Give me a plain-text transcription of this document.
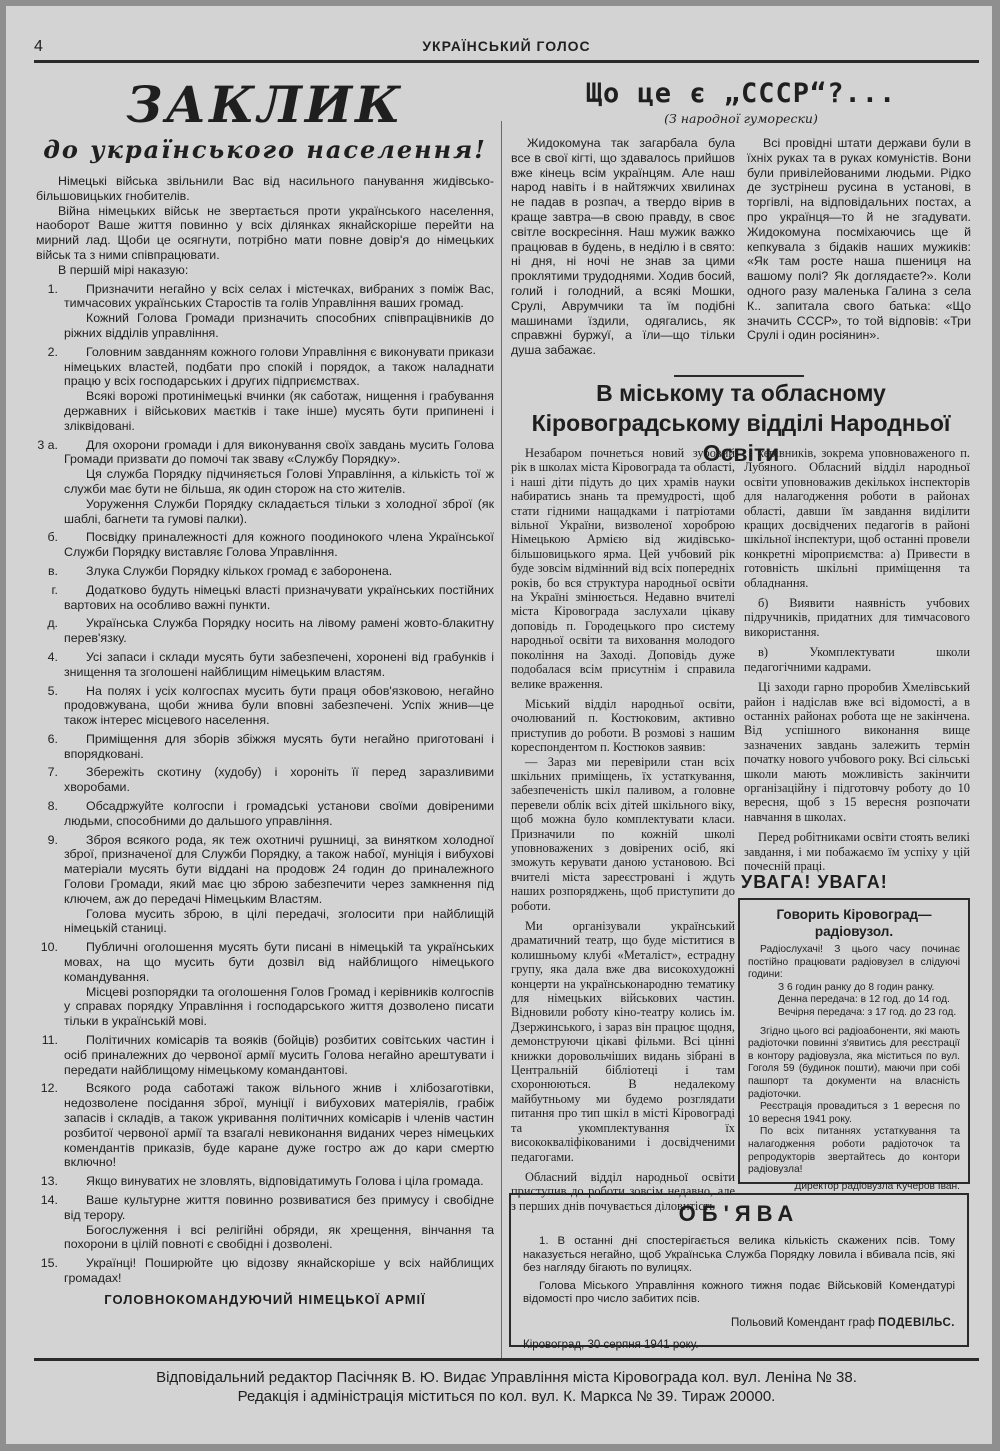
4	УКРАЇНСЬКИЙ ГОЛОС
ЗАКЛИК
до українського населення!

Німецькі війська звільнили Вас від насильного панування жидівсько-більшовицьких гнобителів.

Війна німецьких військ не звертається проти українського населення, наоборот Ваше життя повинно у всіх ділянках якнайскоріше перейти на мирний лад. Щоби це осягнути, потрібно мати повне довір'я до німецьких військ та з ними співпрацювати.

В першій мірі наказую:

1.	Призначити негайно у всіх селах і містечках, вибраних з поміж Вас, тимчасових українських Старостів та голів Управління ваших громад.

Кожний Голова Громади призначить способних співпрацівників до ріжних відділів управління.

2.	Головним завданням кожного голови Управління є виконувати прикази німецьких властей, подбати про спокій і порядок, а також наладнати працю у всіх господарських і других підприємствах.

Всякі ворожі протинімецькі вчинки (як саботаж, нищення і грабування державних і військових маєтків і таке інше) мусять бути припинені і зліквідовані.

3 а.	Для охорони громади і для виконування своїх завдань мусить Голова Громади призвати до помочі так зваву «Службу Порядку».

Ця служба Порядку підчиняється Голові Управління, а кількість тої ж служби має бути не більша, як один сторож на сто жителів.

Уоруження Служби Порядку складається тільки з холодної зброї (як шаблі, багнети та гумові палки).

б.	Посвідку приналежності для кожного поодинокого члена Української Служби Порядку виставляє Голова Управління.

в.	Злука Служби Порядку кількох громад є заборонена.

г.	Додатково будуть німецькі власті призначувати українських постійних вартових на особливо важні пункти.

д.	Українська Служба Порядку носить на лівому рамені жовто-блакитну перев'язку.

4.	Усі запаси і склади мусять бути забезпечені, хоронені від грабунків і знищення та зголошені найблищим німецьким властям.

5.	На полях і усіх колгоспах мусить бути праця обов'язковою, негайно продовжувана, щоби жнива були вповні забезпечені. Успіх жнив—це також інтерес місцевого населення.

6.	Приміщення для зборів збіжжя мусять бути негайно приготовані і впорядковані.

7.	Збережіть скотину (худобу) і хороніть її перед заразливими хворобами.

8.	Обсадржуйте колгоспи і громадські установи своїми довіреними людьми, способними до дальшого управління.

9.	Зброя всякого рода, як теж охотничі рушниці, за винятком холодної зброї, призначеної для Служби Порядку, а також набої, муніція і вибухові матеріали мусять бути віддані на продовж 24 годин до приналежного Голови Громади, який має цю зброю забезпечити через замкнення під ключем, аж до передачі Німецьким Властям.

Голова мусить зброю, в цілі передачі, зголосити при найблищій німецькій станиці.

10.	Публичні оголошення мусять бути писані в німецькій та українських мовах, на що мусить бути дозвіл від найблищого німецького командування.

Місцеві розпорядки та оголошення Голов Громад і керівників колгоспів у справах порядку Управління і господарського життя дозволено писати тільки в українській мові.

11.	Політичних комісарів та вояків (бойців) розбитих совітських частин і осіб приналежних до червоної армії мусить Голова негайно арештувати і передати найблищому німецькому командантові.

12.	Всякого рода саботажі також вільного жнив і хлібозаготівки, недозволене посідання зброї, муніції і вибухових матеріялів, грабіж запасів і складів, а також укривання політичних комісарів і членів частин розбитої червоної армії та взагалі невиконання виданих через німецьких комендантів приказів, буде каране дуже гостро аж до кари смертю включно!

13.	Якщо винуватих не зловлять, відповідатимуть Голова і ціла громада.

14.	Ваше культурне життя повинно розвиватися без примусу і свобідне від терору.

Богослуження і всі релігійні обряди, як хрещення, вінчання та похорони в цілій повноті є свобідні і дозволені.

15.	Українці! Поширюйте цю відозву якнайскоріше у всіх найблищих громадах!

ГОЛОВНОКОМАНДУЮЧИЙ НІМЕЦЬКОЇ АРМІЇ
Що це є „СССР“?...
(З народної гуморески)

Жидокомуна так загарбала була все в свої кігті, що здавалось прийшов вже кінець всім українцям. Але наш народ навіть і в найтяжчих хвилинах не падав в розпач, а твердо вірив в краще завтра—в свою правду, в своє світле воскресіння. Наш мужик важко працював в будень, в неділю і в свято: ні дня, ні ночі не знав за цими проклятими трудоднями. Ходив босий, голий і голодний, а всякі Мошки, Срулі, Аврумчики та їм подібні машинами їздили, одягались, як справжні буржуї, а їли—що тільки душа забажає.

Всі провідні штати держави були в їхніх руках та в руках комуністів. Вони були привілейованими людьми. Рідко де зустрінеш русина в установі, в торгівлі, на відповідальних постах, а про українця—то й не згадувати. Жидокомуна посміхаючись ще й кепкувала з бідаків наших мужиків: «Як там росте наша пшениця на вашому полі? Як доглядаєте?». Коли одного разу маленька Галина з села К.. запитала свого батька: «Що значить СССР», то той відповів: «Три Срулі і один росіянин».

В міському та обласному Кіровоградському відділі Народньої Освіти

Незабаром почнеться новий зубовий рік в школах міста Кіровограда та області, і наші діти підуть до цих храмів науки набиратись знань та премудрості, щоб стати гідними нащадками і патріотами вільної України, визволеної хороброю Німецькою Армією від жидівсько-більшовицького ярма. Цей учбовий рік буде зовсім відмінний від всіх попередніх років, бо вся структура народньої освіти на Україні змінюється. Недавно вчителі міста Кіровограда заслухали цікаву доповідь п. Городецького про систему народньої освіти та виховання молодого покоління на Заході. Доповідь дуже подобалася всім присутнім і справила велике враження.

Міський відділ народньої освіти, очолюваний п. Костюковим, активно приступив до роботи. В розмові з нашим кореспондентом п. Костюков заявив:

— Зараз ми перевірили стан всіх шкільних приміщень, їх устаткування, забезпеченість шкіл паливом, а головне перевели облік всіх дітей шкільного віку, щоб можна було комплектувати класи. Призначили по кожній школі уповноважених з довірених осіб, які зможуть керувати даною установою. Всі вчителі міста зареєстровані і ждуть наших розпоряджень, щоб приступити до роботи.

Ми організували український драматичний театр, що буде міститися в колишньому клубі «Металіст», естрадну групу, яка дала вже два високохудожні концерти на українськонародню тематику для німецьких військових частин. Відновили роботу кіно-театру колись ім. Дзержинського, і зараз він працює щодня, демонструючи цікаві фільми. Всі цінні книжки доровольчіших видань зібрані в Центральній бібліотеці і там схоронюються. В недалекому майбутньому ми будемо розглядати питання про тип шкіл в місті Кіровограді та укомплектування їх висококваліфікованими і досвідченими педагогами.

Обласний відділ народньої освіти приступив до роботи зовсім недавно, але з перших днів почувається діловитість

керівників, зокрема уповноваженого п. Лубяного. Обласний відділ народньої освіти уповноважив декількох інспекторів для налагодження роботи в районах області, давши їм завдання виділити кращих досвідчених педагогів в районі шкільної інспектури, щоб останні провели конкретні міроприємства: а) Привести в готовність шкільні приміщення та обладнання.

б) Виявити наявність учбових підручників, придатних для тимчасового використання.

в) Укомплектувати школи педагогічними кадрами.

Ці заходи гарно проробив Хмелівський район і надіслав вже всі відомості, а в останніх районах робота ще не закінчена. Від успішного виконання вище зазначених завдань залежить термін початку нового учбового року. Всі сільські школи мають можливість закінчити організаційну і підготовчу роботу до 10 вересня, щоб з 15 вересня розпочати навчання в школах.

Перед робітниками освіти стоять великі завдання, і ми побажаємо їм успіху у цій почесній праці.

УВАГА! УВАГА!
Говорить Кіровоград—радіовузол.

Радіослухачі! З цього часу починає постійно працювати радіовузел в слідуючі години:

З 6 годин ранку до 8 годин ранку.

Денна передача: в 12 год. до 14 год.

Вечірня передача: з 17 год. до 23 год.

Згідно цього всі радіоабоненти, які мають радіоточки повинні з'явитись для реєстрації в контору радіовузла, яка міститься по вул. Гоголя 59 (будинок пошти), маючи при собі пашпорт та документи на власність радіоточки.

Реєстрація провадиться з 1 вересня по 10 вересня 1941 року.

По всіх питаннях устаткування та налагодження роботи радіоточок та репродукторів звертайтесь до контори радіовузла!

Директор радіовузла Кучеров Іван.

ОБ'ЯВА

1. В останні дні спостерігається велика кількість скажених псів. Тому наказується негайно, щоб Українська Служба Порядку ловила і вбивала псів, які без нагляду бігають по вулицях.

Голова Міського Управління кожного тижня подає Військовій Комендатурі відомості про число забитих псів.

Польовий Комендант граф ПОДЕВІЛЬС.
Кіровоград, 30 серпня 1941 року.
Відповідальний редактор Пасічняк В. Ю. Видає Управління міста Кіровограда кол. вул. Леніна № 38.
Редакція і адміністрація міститься по кол. вул. К. Маркса № 39. Тираж 20000.
